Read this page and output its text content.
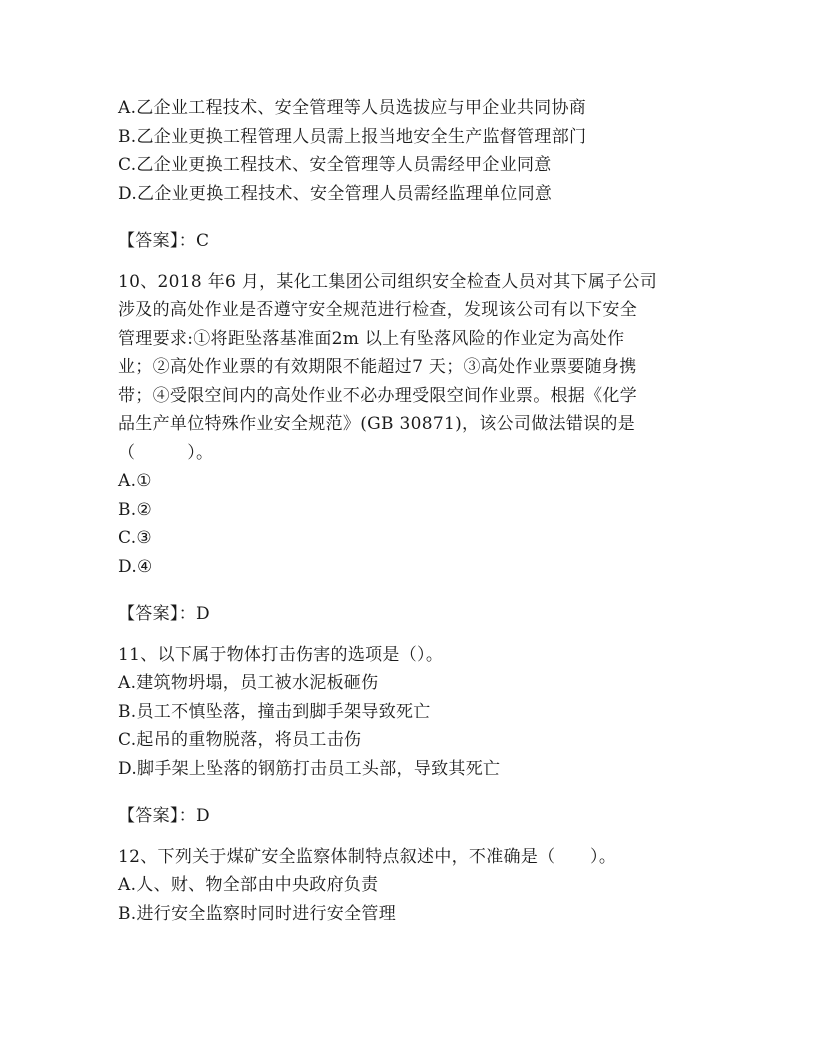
A.乙企业工程技术、安全管理等人员选拔应与甲企业共同协商
B.乙企业更换工程管理人员需上报当地安全生产监督管理部门
C.乙企业更换工程技术、安全管理等人员需经甲企业同意
D.乙企业更换工程技术、安全管理人员需经监理单位同意
【答案】：C
10、2018 年6 月，某化工集团公司组织安全检查人员对其下属子公司
涉及的高处作业是否遵守安全规范进行检查，发现该公司有以下安全
管理要求:①将距坠落基准面2m 以上有坠落风险的作业定为高处作
业；②高处作业票的有效期限不能超过7 天；③高处作业票要随身携
带；④受限空间内的高处作业不必办理受限空间作业票。根据《化学
品生产单位特殊作业安全规范》(GB 30871)，该公司做法错误的是
（　　　）。
A.①
B.②
C.③
D.④
【答案】：D
11、以下属于物体打击伤害的选项是（）。
A.建筑物坍塌，员工被水泥板砸伤
B.员工不慎坠落，撞击到脚手架导致死亡
C.起吊的重物脱落，将员工击伤
D.脚手架上坠落的钢筋打击员工头部，导致其死亡
【答案】：D
12、下列关于煤矿安全监察体制特点叙述中，不准确是（　　）。
A.人、财、物全部由中央政府负责
B.进行安全监察时同时进行安全管理
